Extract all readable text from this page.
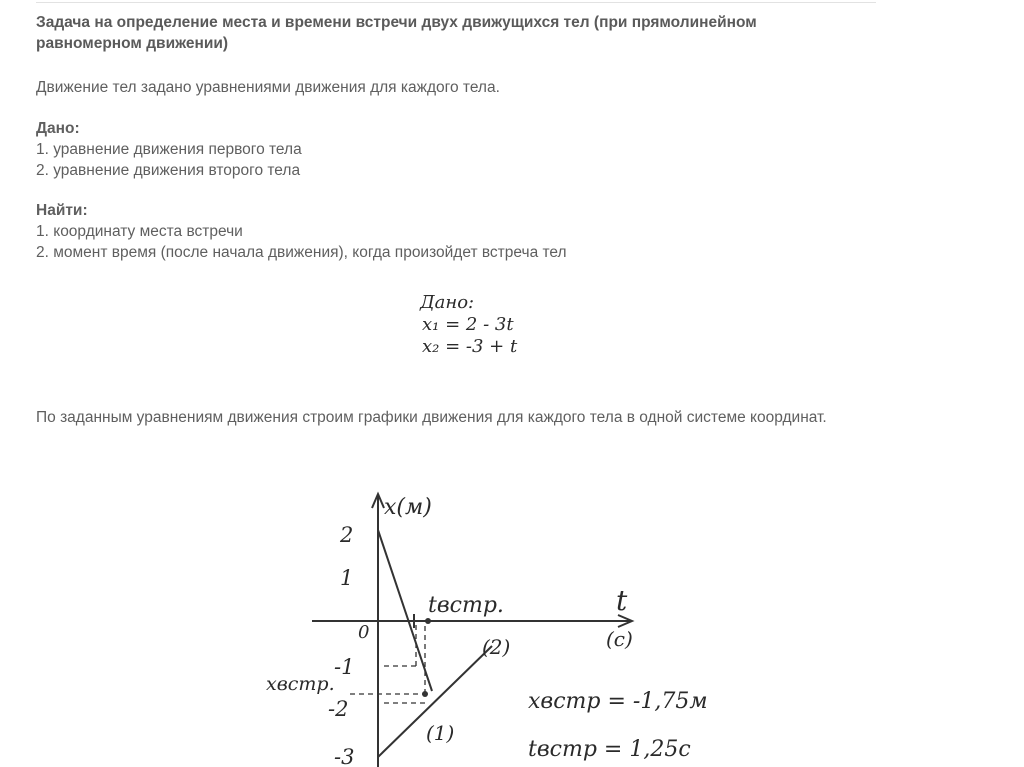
Задача на определение места и времени встречи двух движущихся тел (при прямолинейном равномерном движении)

Движение тел задано уравнениями движения для каждого тела.

Дано:
1. уравнение движения первого тела
2. уравнение движения второго тела

Найти:
1. координату места встречи
2. момент время (после начала движения), когда произойдет встреча тел

Дано:
x₁ = 2 - 3t
x₂ = -3 + t

По заданным уравнениям движения строим графики движения для каждого тела в одной системе координат.

x(м)
t
(с)
0
tвстр.
xвстр.
(1)
(2)
2
1
-1
-2
-3
xвстр = -1,75м
tвстр = 1,25с
